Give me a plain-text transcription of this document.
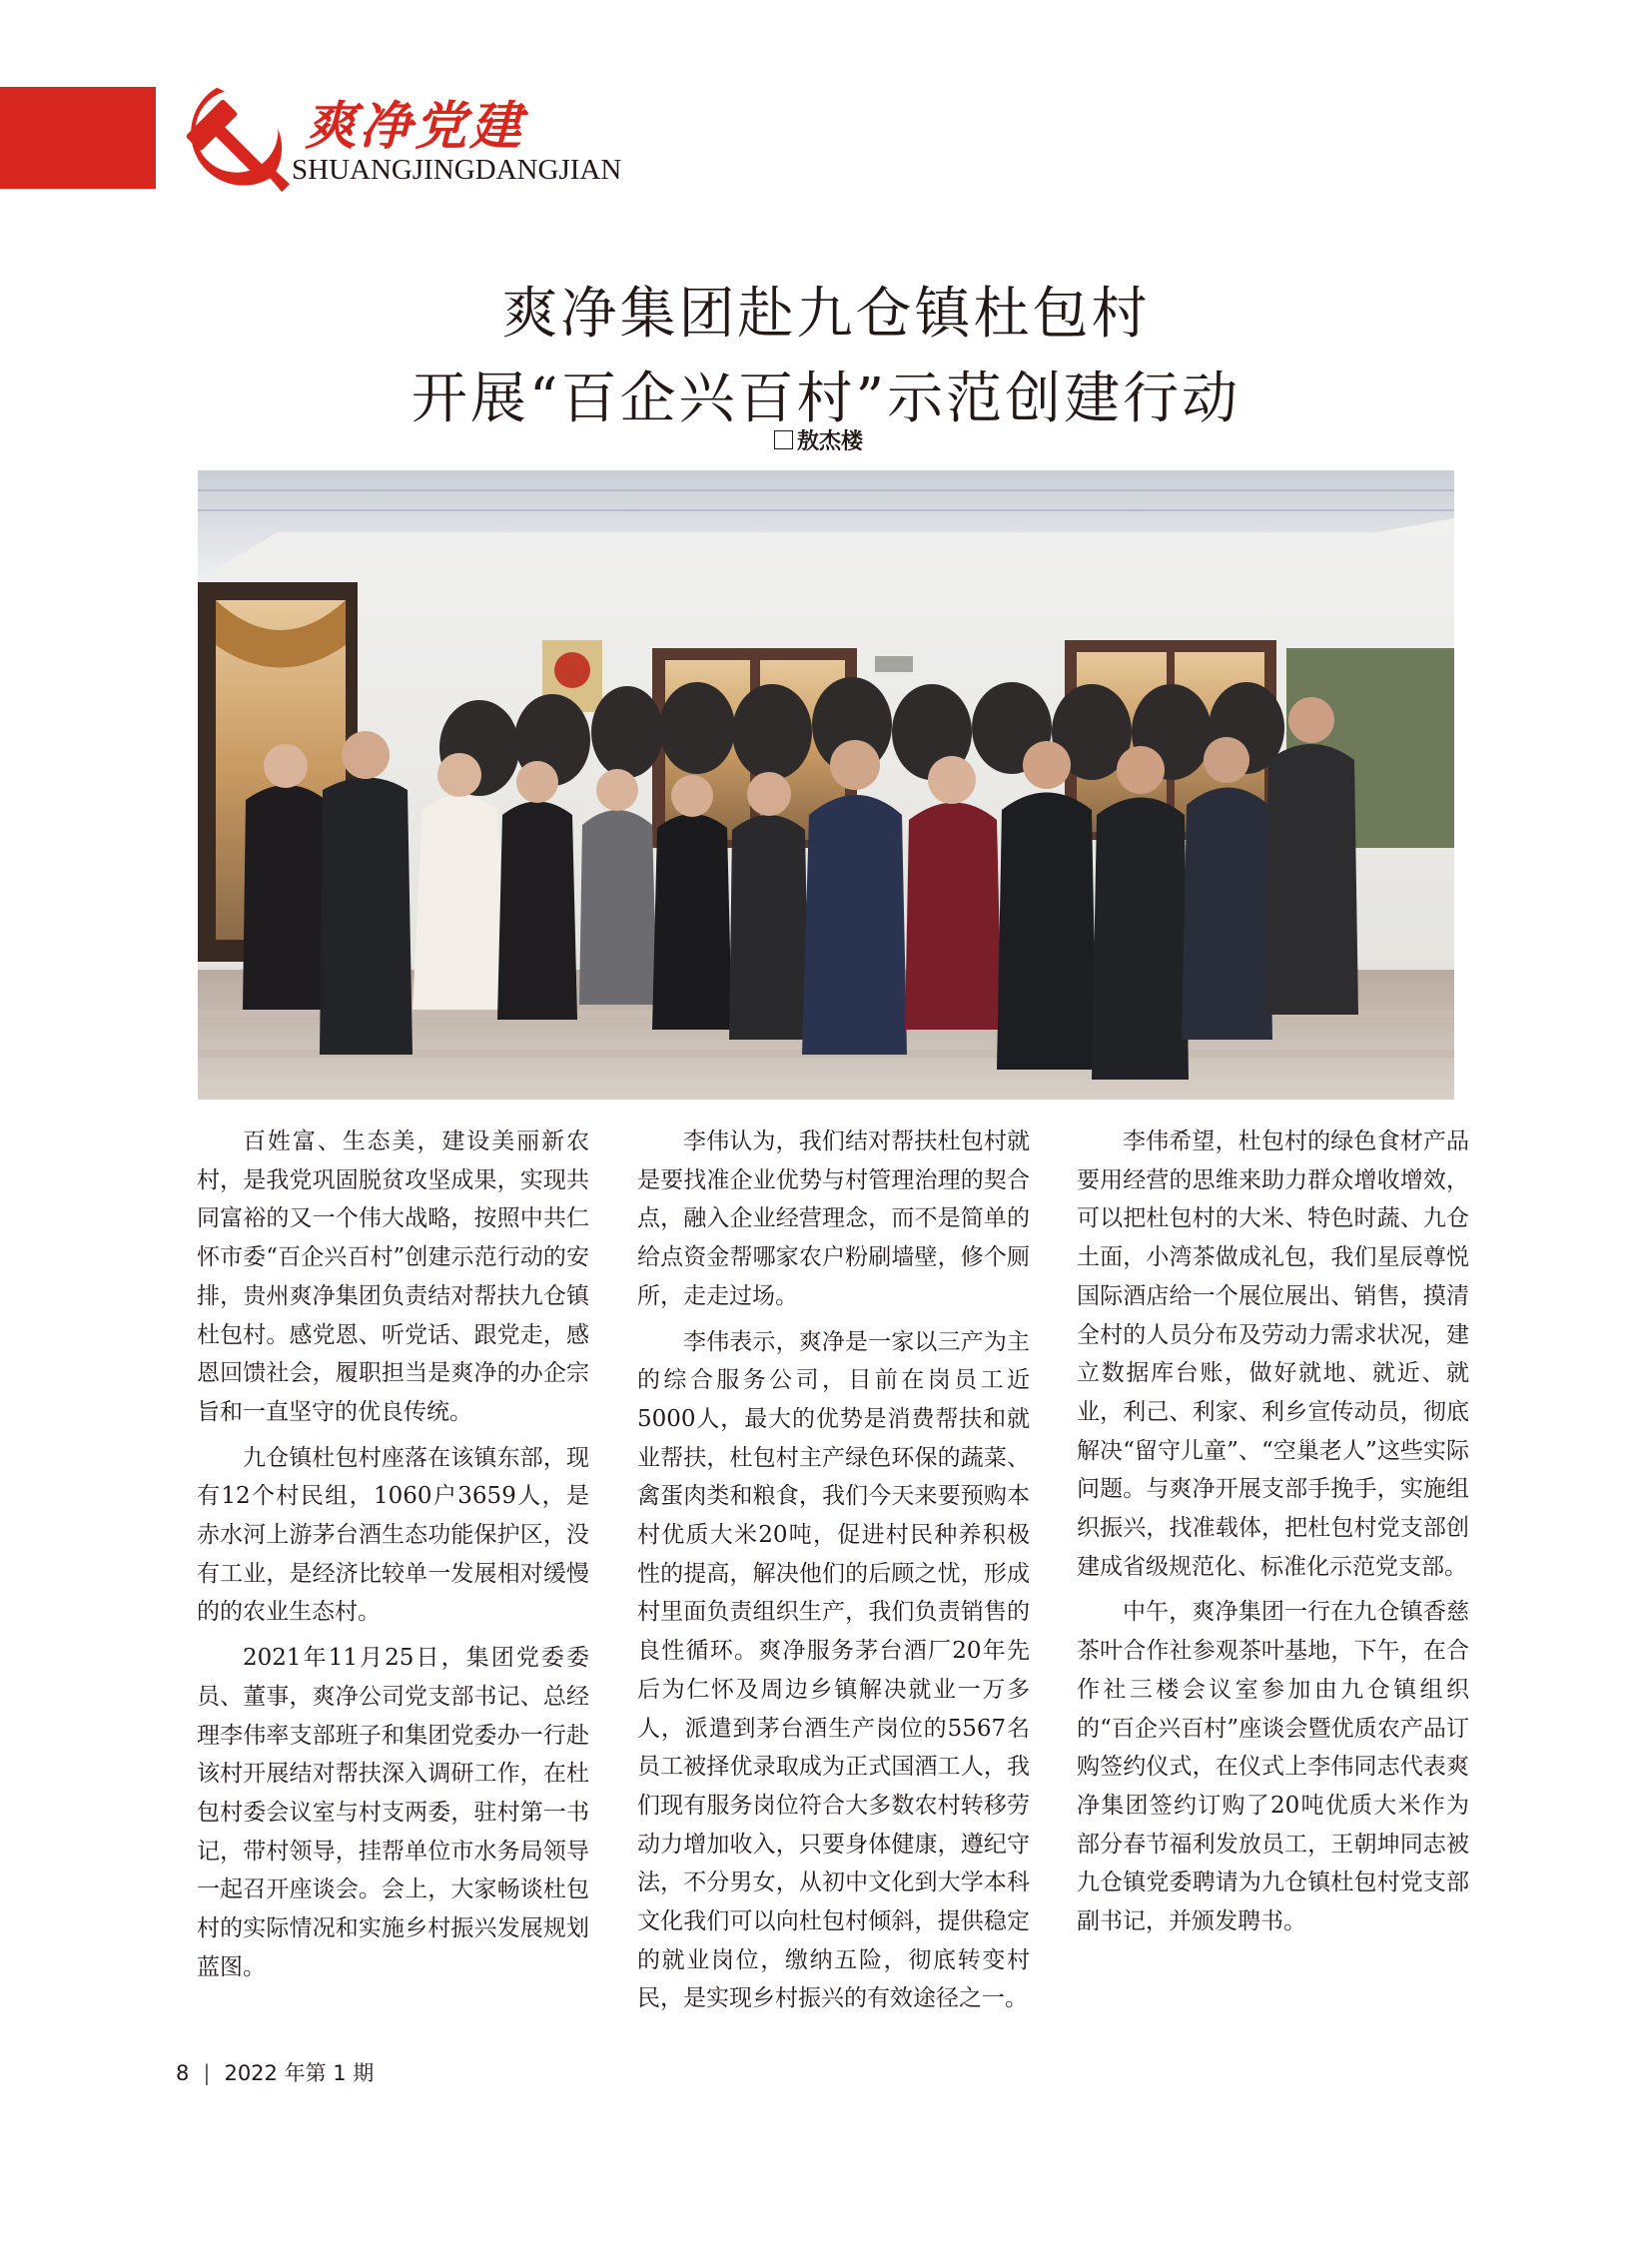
爽净党建
SHUANGJINGDANGJIAN
爽净集团赴九仓镇杜包村
开展“百企兴百村”示范创建行动
敖杰楼

百姓富、生态美，建设美丽新农村，是我党巩固脱贫攻坚成果，实现共同富裕的又一个伟大战略，按照中共仁怀市委“百企兴百村”创建示范行动的安排，贵州爽净集团负责结对帮扶九仓镇杜包村。感党恩、听党话、跟党走，感恩回馈社会，履职担当是爽净的办企宗旨和一直坚守的优良传统。

九仓镇杜包村座落在该镇东部，现有12个村民组，1060户3659人，是赤水河上游茅台酒生态功能保护区，没有工业，是经济比较单一发展相对缓慢的的农业生态村。

2021年11月25日，集团党委委员、董事，爽净公司党支部书记、总经理李伟率支部班子和集团党委办一行赴该村开展结对帮扶深入调研工作，在杜包村委会议室与村支两委，驻村第一书记，带村领导，挂帮单位市水务局领导一起召开座谈会。会上，大家畅谈杜包村的实际情况和实施乡村振兴发展规划蓝图。

李伟认为，我们结对帮扶杜包村就是要找准企业优势与村管理治理的契合点，融入企业经营理念，而不是简单的给点资金帮哪家农户粉刷墙壁，修个厕所，走走过场。

李伟表示，爽净是一家以三产为主的综合服务公司，目前在岗员工近5000人，最大的优势是消费帮扶和就业帮扶，杜包村主产绿色环保的蔬菜、禽蛋肉类和粮食，我们今天来要预购本村优质大米20吨，促进村民种养积极性的提高，解决他们的后顾之忧，形成村里面负责组织生产，我们负责销售的良性循环。爽净服务茅台酒厂20年先后为仁怀及周边乡镇解决就业一万多人，派遣到茅台酒生产岗位的5567名员工被择优录取成为正式国酒工人，我们现有服务岗位符合大多数农村转移劳动力增加收入，只要身体健康，遵纪守法，不分男女，从初中文化到大学本科文化我们可以向杜包村倾斜，提供稳定的就业岗位，缴纳五险，彻底转变村民，是实现乡村振兴的有效途径之一。

李伟希望，杜包村的绿色食材产品要用经营的思维来助力群众增收增效，可以把杜包村的大米、特色时蔬、九仓土面，小湾茶做成礼包，我们星辰尊悦国际酒店给一个展位展出、销售，摸清全村的人员分布及劳动力需求状况，建立数据库台账，做好就地、就近、就业，利己、利家、利乡宣传动员，彻底解决“留守儿童”、“空巢老人”这些实际问题。与爽净开展支部手挽手，实施组织振兴，找准载体，把杜包村党支部创建成省级规范化、标准化示范党支部。

中午，爽净集团一行在九仓镇香慈茶叶合作社参观茶叶基地，下午，在合作社三楼会议室参加由九仓镇组织的“百企兴百村”座谈会暨优质农产品订购签约仪式，在仪式上李伟同志代表爽净集团签约订购了20吨优质大米作为部分春节福利发放员工，王朝坤同志被九仓镇党委聘请为九仓镇杜包村党支部副书记，并颁发聘书。

8 | 2022 年第 1 期
